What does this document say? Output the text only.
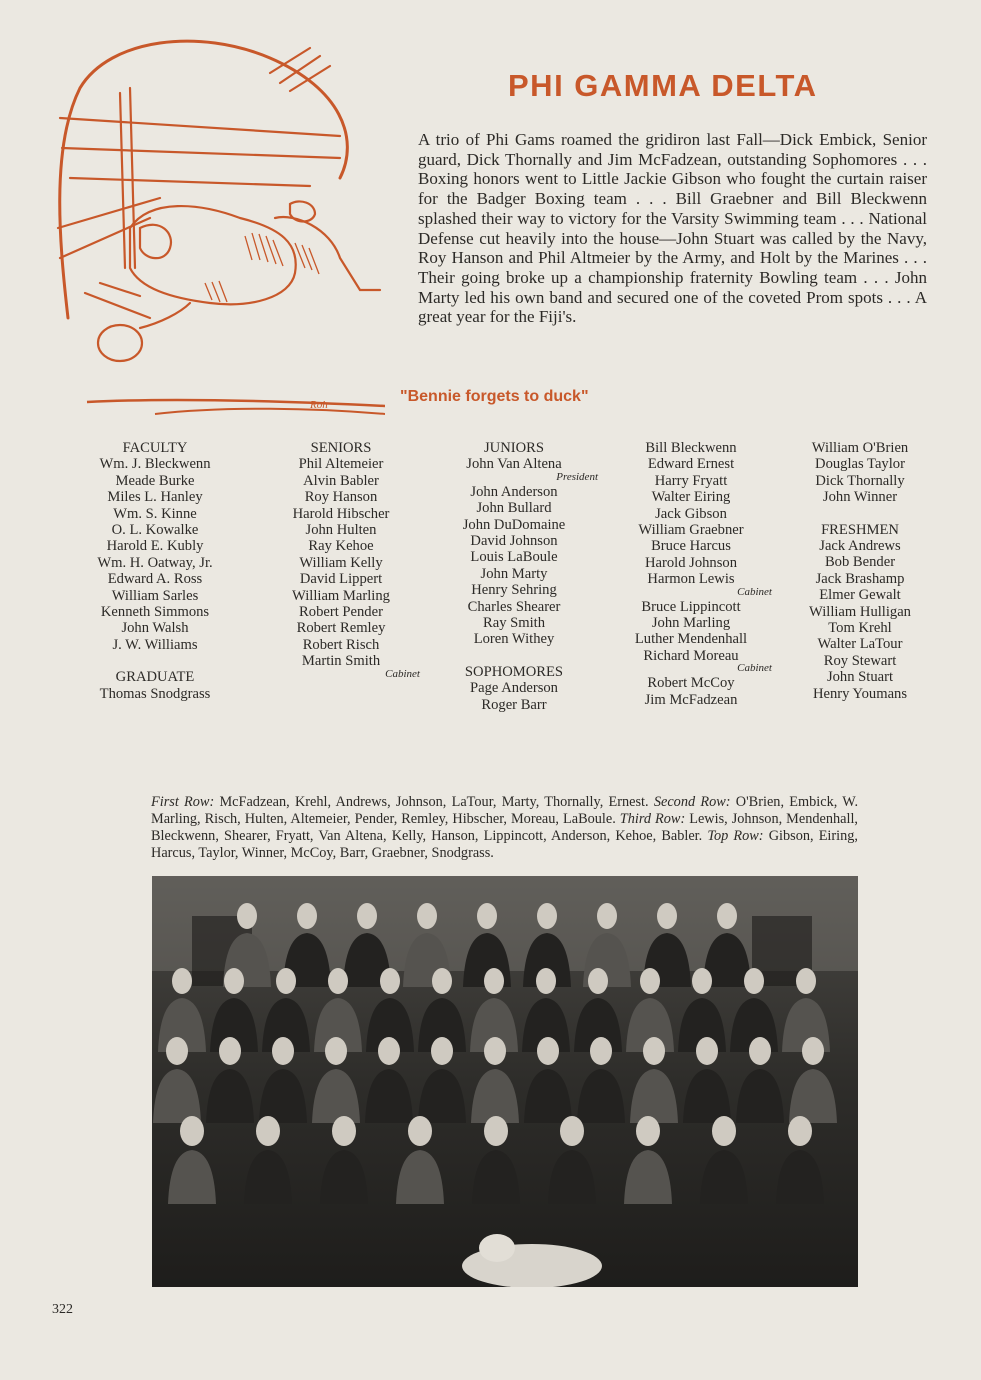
PHI GAMMA DELTA

A trio of Phi Gams roamed the gridiron last Fall—Dick Embick, Senior guard, Dick Thornally and Jim McFadzean, outstanding Sophomores . . . Boxing honors went to Little Jackie Gibson who fought the curtain raiser for the Badger Boxing team . . . Bill Graebner and Bill Bleckwenn splashed their way to victory for the Varsity Swimming team . . . National Defense cut heavily into the house—John Stuart was called by the Navy, Roy Hanson and Phil Altmeier by the Army, and Holt by the Marines . . . Their going broke up a championship fraternity Bowling team . . . John Marty led his own band and secured one of the coveted Prom spots . . . A great year for the Fiji's.

Roh	"Bennie forgets to duck"
FACULTY
Wm. J. Bleckwenn
Meade Burke
Miles L. Hanley
Wm. S. Kinne
O. L. Kowalke
Harold E. Kubly
Wm. H. Oatway, Jr.
Edward A. Ross
William Sarles
Kenneth Simmons
John Walsh
J. W. Williams
GRADUATE
Thomas Snodgrass
SENIORS
Phil Altemeier
Alvin Babler
Roy Hanson
Harold Hibscher
John Hulten
Ray Kehoe
William Kelly
David Lippert
William Marling
Robert Pender
Robert Remley
Robert Risch
Martin Smith
Cabinet
JUNIORS
John Van Altena
President
John Anderson
John Bullard
John DuDomaine
David Johnson
Louis LaBoule
John Marty
Henry Sehring
Charles Shearer
Ray Smith
Loren Withey
SOPHOMORES
Page Anderson
Roger Barr
Bill Bleckwenn
Edward Ernest
Harry Fryatt
Walter Eiring
Jack Gibson
William Graebner
Bruce Harcus
Harold Johnson
Harmon Lewis
Cabinet
Bruce Lippincott
John Marling
Luther Mendenhall
Richard Moreau
Cabinet
Robert McCoy
Jim McFadzean
William O'Brien
Douglas Taylor
Dick Thornally
John Winner
FRESHMEN
Jack Andrews
Bob Bender
Jack Brashamp
Elmer Gewalt
William Hulligan
Tom Krehl
Walter LaTour
Roy Stewart
John Stuart
Henry Youmans

First Row: McFadzean, Krehl, Andrews, Johnson, LaTour, Marty, Thornally, Ernest. Second Row: O'Brien, Embick, W. Marling, Risch, Hulten, Altemeier, Pender, Remley, Hibscher, Moreau, LaBoule. Third Row: Lewis, Johnson, Mendenhall, Bleckwenn, Shearer, Fryatt, Van Altena, Kelly, Hanson, Lippincott, Anderson, Kehoe, Babler. Top Row: Gibson, Eiring, Harcus, Taylor, Winner, McCoy, Barr, Graebner, Snodgrass.

322
